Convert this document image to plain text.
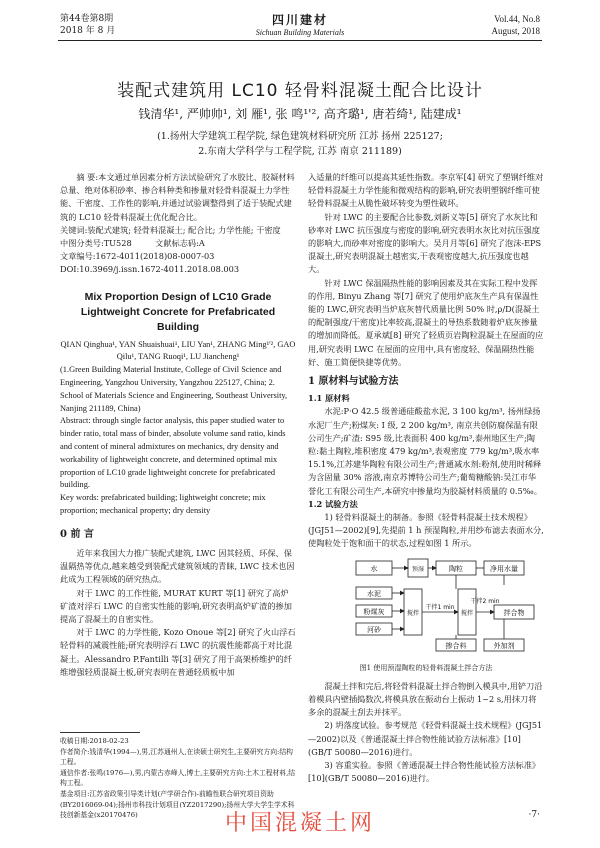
第44卷第8期
2018 年 8 月
四川建材
Sichuan Building Materials
Vol.44, No.8
August, 2018
装配式建筑用 LC10 轻骨料混凝土配合比设计
钱清华¹, 严帅帅¹, 刘 雁¹, 张 鸣¹'², 高齐璐¹, 唐若绮¹, 陆建成¹
(1.扬州大学建筑工程学院, 绿色建筑材料研究所 江苏 扬州 225127;
2.东南大学科学与工程学院, 江苏 南京 211189)

摘 要:本文通过单因素分析方法试验研究了水胶比、胶凝材料总量、绝对体积砂率、掺合料种类和掺量对轻骨料混凝土力学性能、干密度、工作性的影响,并通过试验调整得到了适于装配式建筑的 LC10 轻骨料混凝土优化配合比。

关键词:装配式建筑; 轻骨料混凝土; 配合比; 力学性能; 干密度

中图分类号:TU528	文献标志码:A

文章编号:1672-4011(2018)08-0007-03

DOI:10.3969/j.issn.1672-4011.2018.08.003

Mix Proportion Design of LC10 Grade Lightweight Concrete for Prefabricated Building

QIAN Qinghua¹, YAN Shuaishuai¹, LIU Yan¹, ZHANG Ming¹'², GAO Qilu¹, TANG Ruoqi¹, LU Jiancheng¹

(1.Green Building Material Institute, College of Civil Science and Engineering, Yangzhou University, Yangzhou 225127, China; 2. School of Materials Science and Engineering, Southeast University, Nanjing 211189, China)

Abstract: through single factor analysis, this paper studied water to binder ratio, total mass of binder, absolute volume sand ratio, kinds and content of mineral admixtures on mechanics, dry density and workability of lightweight concrete, and determined optimal mix proportion of LC10 grade lightweight concrete for prefabricated building.

Key words: prefabricated building; lightweight concrete; mix proportion; mechanical property; dry density

0 前 言

近年来我国大力推广装配式建筑, LWC 因其轻质、环保、保温隔热等优点,越来越受到装配式建筑领域的青睐, LWC 技术也因此成为工程领域的研究热点。

对于 LWC 的工作性能, MURAT KURT 等[1] 研究了高炉矿渣对浮石 LWC 的自密实性能的影响,研究表明高炉矿渣的掺加提高了混凝土的自密实性。

对于 LWC 的力学性能, Kozo Onoue 等[2] 研究了火山浮石轻骨料的减震性能;研究表明浮石 LWC 的抗震性能都高于对比混凝土。Alessandro P.Fantilli 等[3] 研究了用于高架桥维护的纤维增强轻质混凝土板,研究表明在普通轻质板中加

收稿日期:2018-02-23
作者简介:钱清华(1994—),男,江苏通州人,在读硕士研究生,主要研究方向:结构工程。
通信作者:张鸣(1976—),男,内蒙古赤峰人,博士,主要研究方向:土木工程材料,结构工程。
基金项目:江苏省政策引导类计划(产学研合作)-前瞻性联合研究项目资助(BY2016069-04);扬州市科技计划项目(YZ2017290);扬州大学大学生学术科技创新基金(x20170476)

入适量的纤维可以提高其延性指数。李京军[4] 研究了塑钢纤维对轻骨料混凝土力学性能和微观结构的影响,研究表明塑钢纤维可使轻骨料混凝土从脆性破坏转变为塑性破坏。

针对 LWC 的主要配合比参数,刘新义等[5] 研究了水灰比和砂率对 LWC 抗压强度与密度的影响,研究表明水灰比对抗压强度的影响大,而砂率对密度的影响大。吴月月等[6] 研究了泡沫-EPS 混凝土,研究表明混凝土越密实,干表观密度越大,抗压强度也越大。

针对 LWC 保温隔热性能的影响因素及其在实际工程中发挥的作用, Binyu Zhang 等[7] 研究了使用炉底灰生产具有保温性能的 LWC,研究表明当炉底灰替代质量比例 50% 时,ρ/D(混凝土的配制强度/干密度)比率较高,混凝土的导热系数随着炉底灰掺量的增加而降低。夏承斌[8] 研究了轻质页岩陶粒混凝土在屋面的应用,研究表明 LWC 在屋面的应用中,具有密度轻、保温隔热性能好、施工简便快捷等优势。

1 原材料与试验方法

1.1 原材料

水泥:P·O 42.5 级普通硅酸盐水泥, 3 100 kg/m³, 扬州绿扬水泥厂生产;粉煤灰: I 级, 2 200 kg/m³, 南京共创防腐保温有限公司生产;矿渣: S95 级,比表面积 400 kg/m³,泰州地区生产;陶粒:黏土陶粒,堆积密度 479 kg/m³,表观密度 779 kg/m³,吸水率 15.1%,江苏建华陶粒有限公司生产;普通减水剂:粉剂,使用时稀释为含固量 30% 溶液,南京苏博特公司生产;葡萄糖酸钠:吴江市华誉化工有限公司生产,本研究中掺量均为胶凝材料质量的 0.5‰。

1.2 试验方法

1) 轻骨料混凝土的制备。参照《轻骨料混凝土技术规程》(JGJ51—2002)[9],先提前 1 h 预湿陶粒,并用纱布滤去表面水分,使陶粒处于饱和面干的状态,过程如图 1 所示。

水	预湿	陶粒	净用水量
水泥
粉煤灰
河砂
搅拌
干拌1 min
搅拌
干拌2 min
拌合物
掺合料	外加剂

图1 使用预湿陶粒的轻骨料混凝土拌合方法

混凝土拌和完后,将轻骨料混凝土拌合物倒入模具中,用铲刀沿着模具内壁插捣数次,将模具放在振动台上振动 1~2 s,用抹刀将多余的混凝土刮去并抹平。

2) 坍落度试验。参考规范《轻骨料混凝土技术规程》(JGJ51—2002)以及《普通混凝土拌合物性能试验方法标准》[10](GB/T 50080—2016)进行。

3) 容重实验。参照《普通混凝土拌合物性能试验方法标准》[10](GB/T 50080—2016)进行。

中国混凝土网	·7·
